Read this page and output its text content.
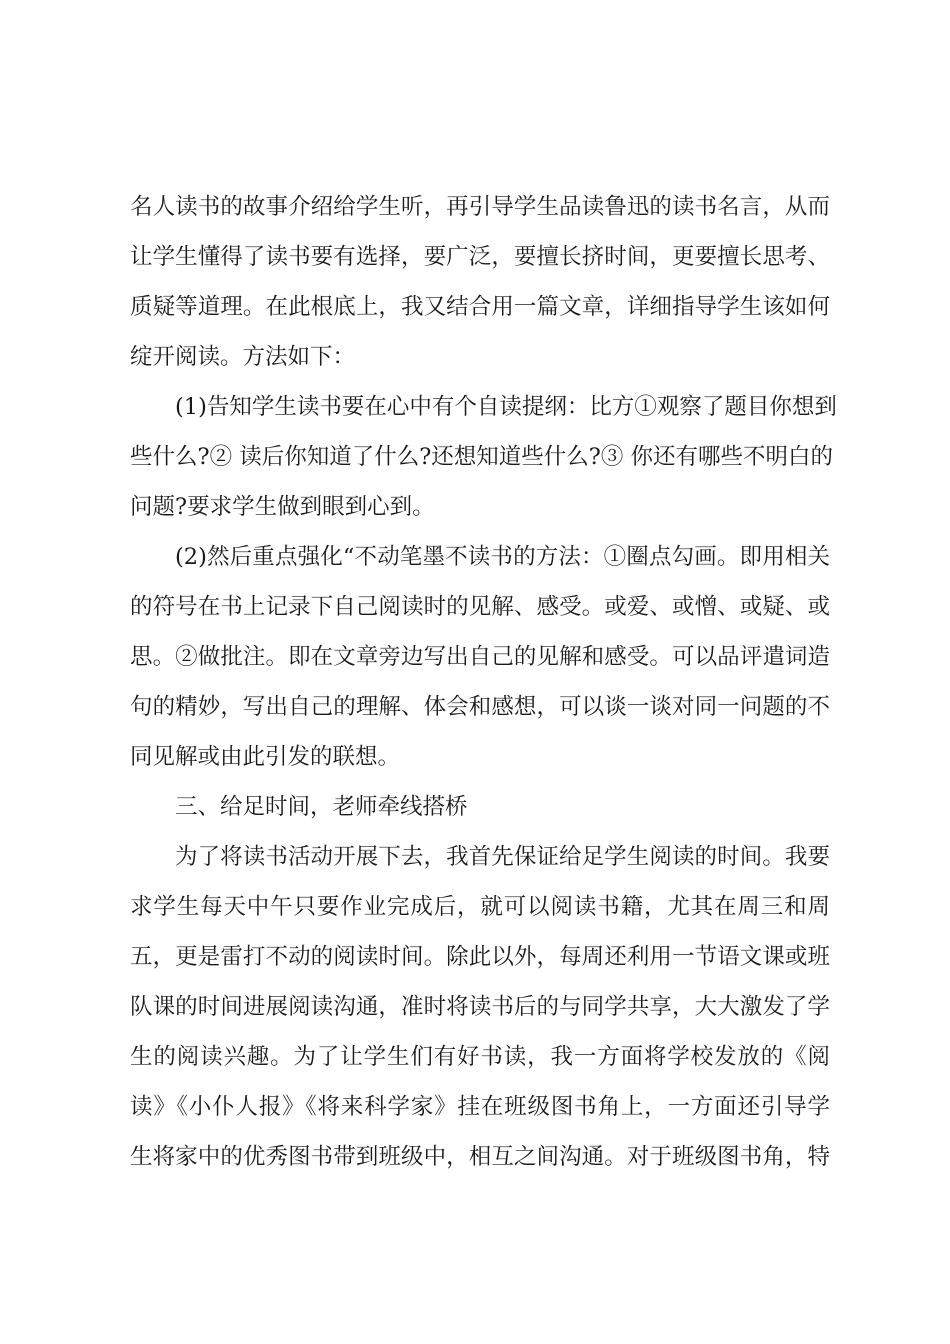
名人读书的故事介绍给学生听，再引导学生品读鲁迅的读书名言，从而
让学生懂得了读书要有选择，要广泛，要擅长挤时间，更要擅长思考、
质疑等道理。在此根底上，我又结合用一篇文章，详细指导学生该如何
绽开阅读。方法如下：
(1)告知学生读书要在心中有个自读提纲：比方①观察了题目你想到
些什么?② 读后你知道了什么?还想知道些什么?③ 你还有哪些不明白的
问题?要求学生做到眼到心到。
(2)然后重点强化“不动笔墨不读书的方法：①圈点勾画。即用相关
的符号在书上记录下自己阅读时的见解、感受。或爱、或憎、或疑、或
思。②做批注。即在文章旁边写出自己的见解和感受。可以品评遣词造
句的精妙，写出自己的理解、体会和感想，可以谈一谈对同一问题的不
同见解或由此引发的联想。
三、给足时间，老师牵线搭桥
为了将读书活动开展下去，我首先保证给足学生阅读的时间。我要
求学生每天中午只要作业完成后，就可以阅读书籍，尤其在周三和周
五，更是雷打不动的阅读时间。除此以外，每周还利用一节语文课或班
队课的时间进展阅读沟通，准时将读书后的与同学共享，大大激发了学
生的阅读兴趣。为了让学生们有好书读，我一方面将学校发放的《阅
读》《小仆人报》《将来科学家》挂在班级图书角上，一方面还引导学
生将家中的优秀图书带到班级中，相互之间沟通。对于班级图书角，特
